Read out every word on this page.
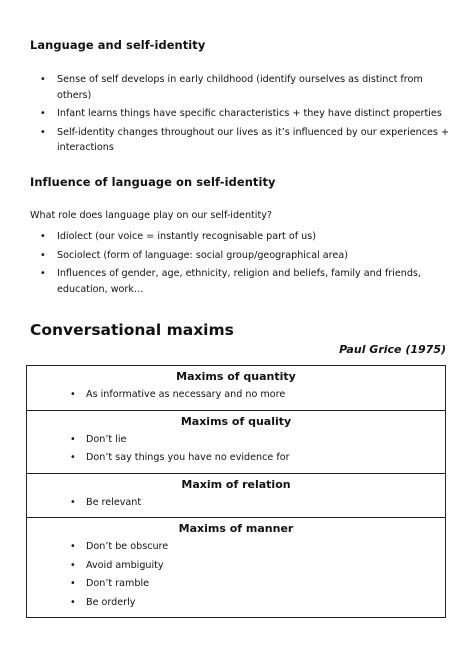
Language and self-identity
• Sense of self develops in early childhood (identify ourselves as distinct from others)
• Infant learns things have specific characteristics + they have distinct properties
• Self-identity changes throughout our lives as it’s influenced by our experiences + interactions
Influence of language on self-identity
What role does language play on our self-identity?
• Idiolect (our voice = instantly recognisable part of us)
• Sociolect (form of language: social group/geographical area)
• Influences of gender, age, ethnicity, religion and beliefs, family and friends, education, work…
Conversational maxims
Paul Grice (1975)
Maxims of quantity
• As informative as necessary and no more
Maxims of quality
• Don’t lie
• Don’t say things you have no evidence for
Maxim of relation
• Be relevant
Maxims of manner
• Don’t be obscure
• Avoid ambiguity
• Don’t ramble
• Be orderly
